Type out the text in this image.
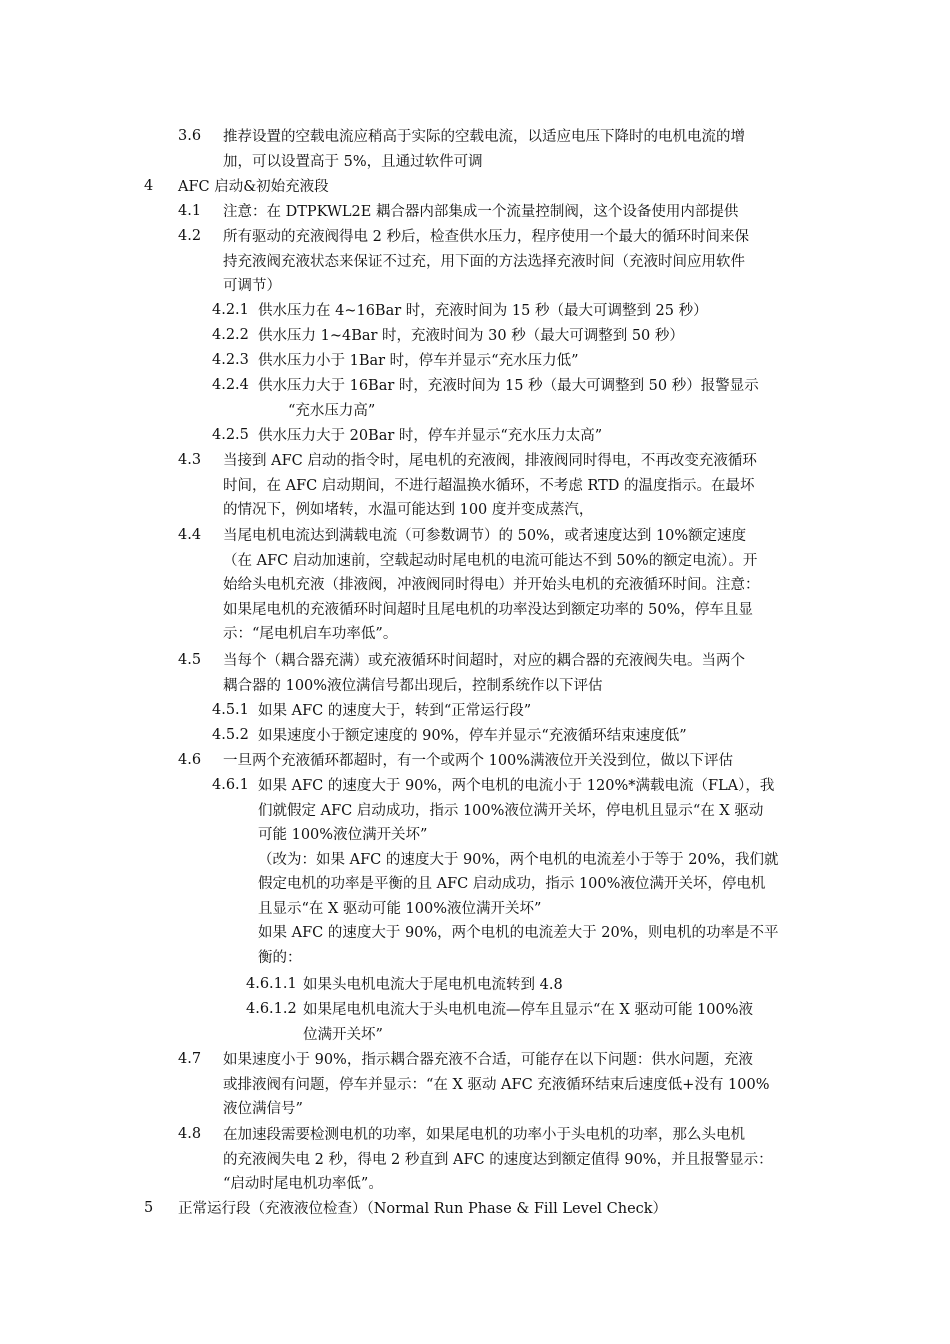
3.6 推荐设置的空载电流应稍高于实际的空载电流，以适应电压下降时的电机电流的增
加，可以设置高于 5%，且通过软件可调
4 AFC 启动&初始充液段
4.1 注意：在 DTPKWL2E 耦合器内部集成一个流量控制阀，这个设备使用内部提供
4.2 所有驱动的充液阀得电 2 秒后，检查供水压力，程序使用一个最大的循环时间来保
持充液阀充液状态来保证不过充，用下面的方法选择充液时间（充液时间应用软件
可调节）
4.2.1 供水压力在 4~16Bar 时，充液时间为 15 秒（最大可调整到 25 秒）
4.2.2 供水压力 1~4Bar 时，充液时间为 30 秒（最大可调整到 50 秒）
4.2.3 供水压力小于 1Bar 时，停车并显示“充水压力低”
4.2.4 供水压力大于 16Bar 时，充液时间为 15 秒（最大可调整到 50 秒）报警显示
“充水压力高”
4.2.5 供水压力大于 20Bar 时，停车并显示“充水压力太高”
4.3 当接到 AFC 启动的指令时，尾电机的充液阀，排液阀同时得电，不再改变充液循环
时间，在 AFC 启动期间，不进行超温换水循环，不考虑 RTD 的温度指示。在最坏
的情况下，例如堵转，水温可能达到 100 度并变成蒸汽，
4.4 当尾电机电流达到满载电流（可参数调节）的 50%，或者速度达到 10%额定速度
（在 AFC 启动加速前，空载起动时尾电机的电流可能达不到 50%的额定电流）。开
始给头电机充液（排液阀，冲液阀同时得电）并开始头电机的充液循环时间。注意：
如果尾电机的充液循环时间超时且尾电机的功率没达到额定功率的 50%，停车且显
示：“尾电机启车功率低”。
4.5 当每个（耦合器充满）或充液循环时间超时，对应的耦合器的充液阀失电。当两个
耦合器的 100%液位满信号都出现后，控制系统作以下评估
4.5.1 如果 AFC 的速度大于，转到“正常运行段”
4.5.2 如果速度小于额定速度的 90%，停车并显示“充液循环结束速度低”
4.6 一旦两个充液循环都超时，有一个或两个 100%满液位开关没到位，做以下评估
4.6.1 如果 AFC 的速度大于 90%，两个电机的电流小于 120%*满载电流（FLA），我
们就假定 AFC 启动成功，指示 100%液位满开关坏，停电机且显示“在 X 驱动
可能 100%液位满开关坏”
（改为：如果 AFC 的速度大于 90%，两个电机的电流差小于等于 20%，我们就
假定电机的功率是平衡的且 AFC 启动成功，指示 100%液位满开关坏，停电机
且显示“在 X 驱动可能 100%液位满开关坏”
如果 AFC 的速度大于 90%，两个电机的电流差大于 20%，则电机的功率是不平
衡的：
4.6.1.1 如果头电机电流大于尾电机电流转到 4.8
4.6.1.2 如果尾电机电流大于头电机电流—停车且显示“在 X 驱动可能 100%液
位满开关坏”
4.7 如果速度小于 90%，指示耦合器充液不合适，可能存在以下问题：供水问题，充液
或排液阀有问题，停车并显示：“在 X 驱动 AFC 充液循环结束后速度低+没有 100%
液位满信号”
4.8 在加速段需要检测电机的功率，如果尾电机的功率小于头电机的功率，那么头电机
的充液阀失电 2 秒，得电 2 秒直到 AFC 的速度达到额定值得 90%，并且报警显示：
“启动时尾电机功率低”。
5 正常运行段（充液液位检查）（Normal Run Phase & Fill Level Check）
